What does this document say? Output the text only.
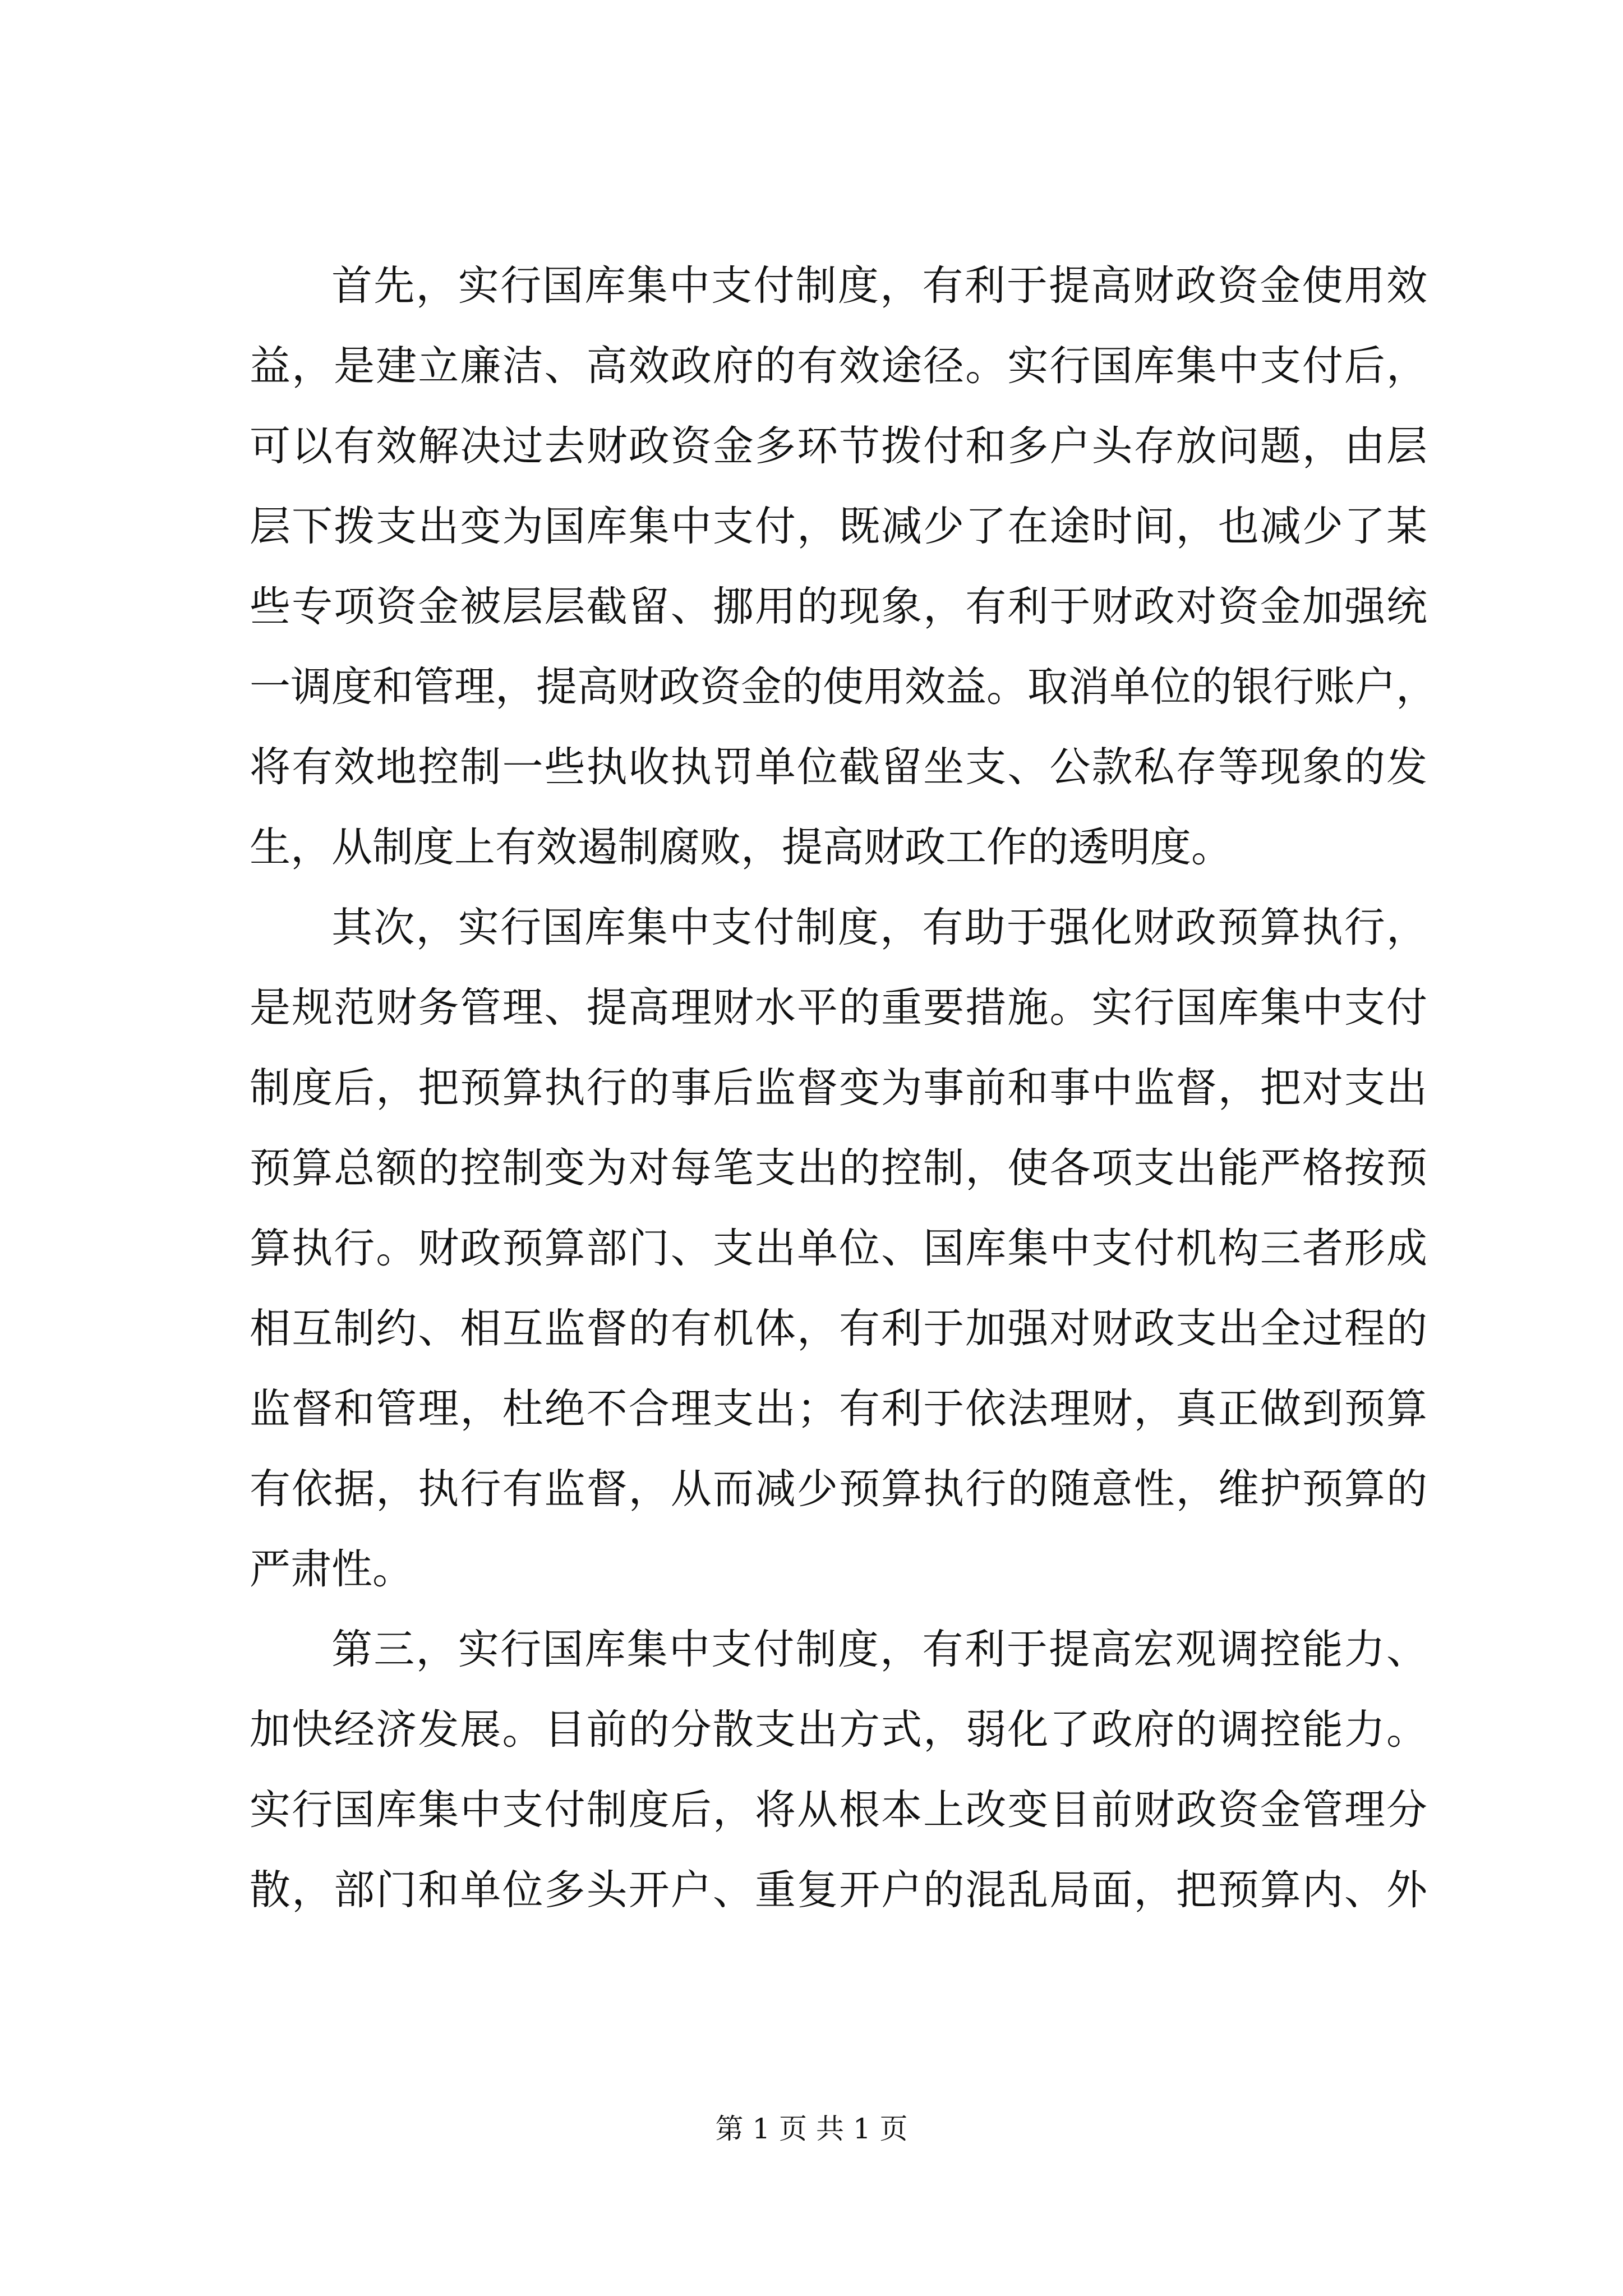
首先，实行国库集中支付制度，有利于提高财政资金使用效
益，是建立廉洁、高效政府的有效途径。实行国库集中支付后，
可以有效解决过去财政资金多环节拨付和多户头存放问题，由层
层下拨支出变为国库集中支付，既减少了在途时间，也减少了某
些专项资金被层层截留、挪用的现象，有利于财政对资金加强统
一调度和管理，提高财政资金的使用效益。取消单位的银行账户，
将有效地控制一些执收执罚单位截留坐支、公款私存等现象的发
生，从制度上有效遏制腐败，提高财政工作的透明度。
其次，实行国库集中支付制度，有助于强化财政预算执行，
是规范财务管理、提高理财水平的重要措施。实行国库集中支付
制度后，把预算执行的事后监督变为事前和事中监督，把对支出
预算总额的控制变为对每笔支出的控制，使各项支出能严格按预
算执行。财政预算部门、支出单位、国库集中支付机构三者形成
相互制约、相互监督的有机体，有利于加强对财政支出全过程的
监督和管理，杜绝不合理支出；有利于依法理财，真正做到预算
有依据，执行有监督，从而减少预算执行的随意性，维护预算的
严肃性。
第三，实行国库集中支付制度，有利于提高宏观调控能力、
加快经济发展。目前的分散支出方式，弱化了政府的调控能力。
实行国库集中支付制度后，将从根本上改变目前财政资金管理分
散，部门和单位多头开户、重复开户的混乱局面，把预算内、外
第 1 页 共 1 页
